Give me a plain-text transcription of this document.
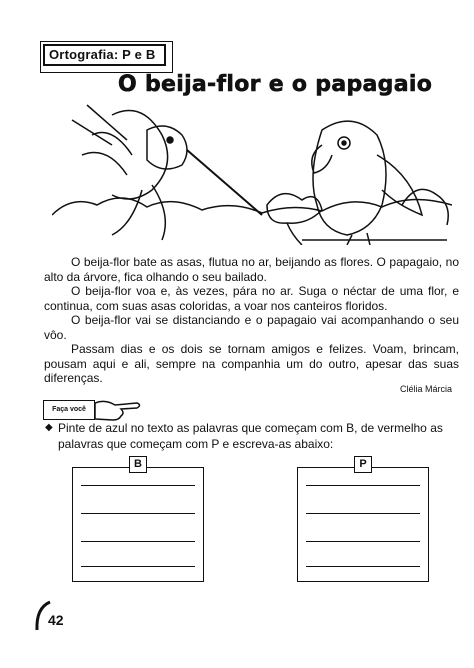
Ortografia: P e B
O beija-flor e o papagaio

O beija-flor bate as asas, flutua no ar, beijando as flores. O papagaio, no alto da árvore, fica olhando o seu bailado.

O beija-flor voa e, às vezes, pára no ar. Suga o néctar de uma flor, e continua, com suas asas coloridas, a voar nos canteiros floridos.

O beija-flor vai se distanciando e o papagaio vai acompanhando o seu vôo.

Passam dias e os dois se tornam amigos e felizes. Voam, brincam, pousam aqui e ali, sempre na companhia um do outro, apesar das suas diferenças.

Clélia Márcia
Faça você
◆ Pinte de azul no texto as palavras que começam com B, de vermelho as palavras que começam com P e escreva-as abaixo:
B	P
42
